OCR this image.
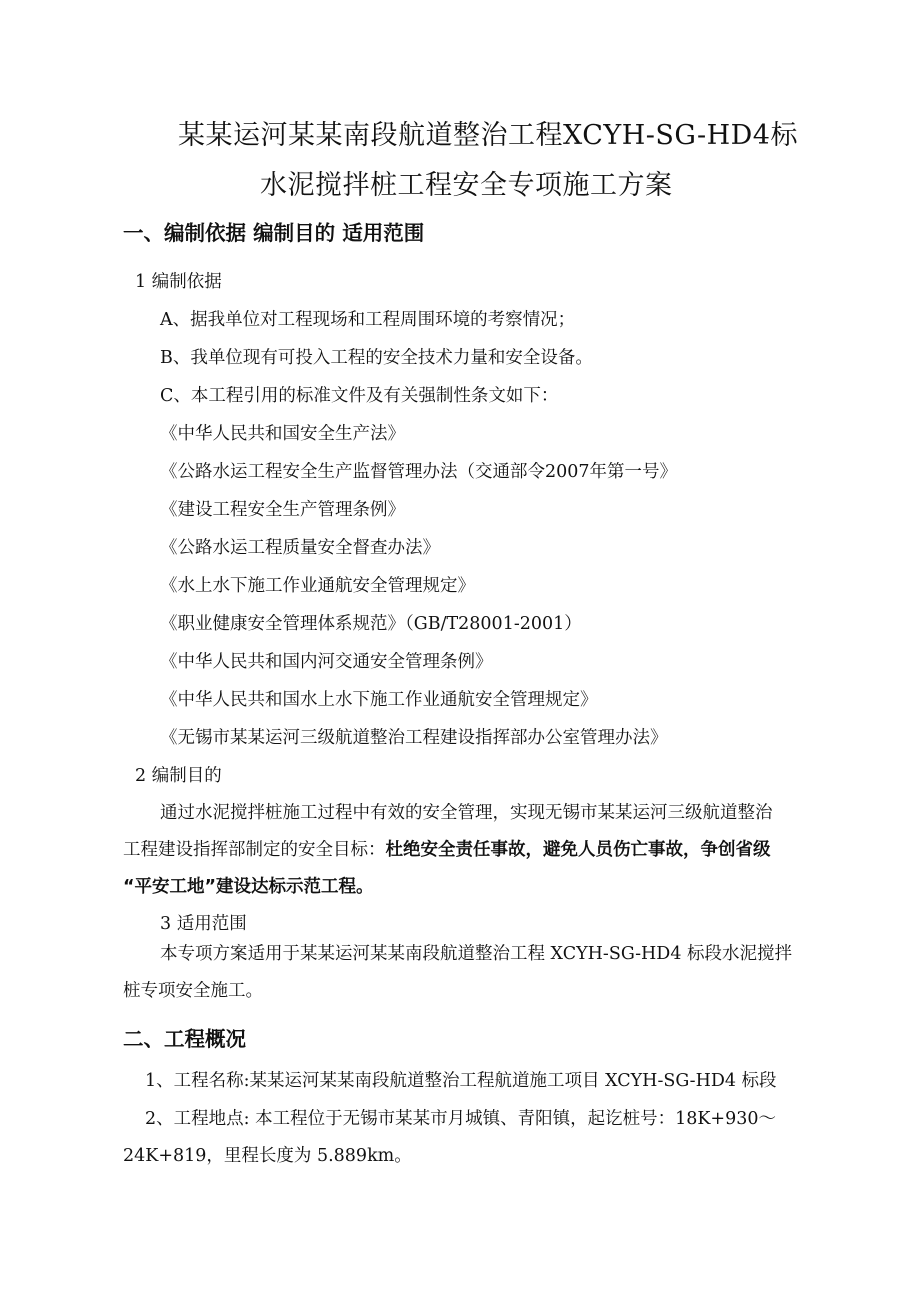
某某运河某某南段航道整治工程XCYH-SG-HD4标
水泥搅拌桩工程安全专项施工方案
一、编制依据 编制目的 适用范围
1 编制依据
A、据我单位对工程现场和工程周围环境的考察情况；
B、我单位现有可投入工程的安全技术力量和安全设备。
C、本工程引用的标准文件及有关强制性条文如下：
《中华人民共和国安全生产法》
《公路水运工程安全生产监督管理办法（交通部令2007年第一号》
《建设工程安全生产管理条例》
《公路水运工程质量安全督查办法》
《水上水下施工作业通航安全管理规定》
《职业健康安全管理体系规范》（GB/T28001-2001）
《中华人民共和国内河交通安全管理条例》
《中华人民共和国水上水下施工作业通航安全管理规定》
《无锡市某某运河三级航道整治工程建设指挥部办公室管理办法》
2 编制目的
通过水泥搅拌桩施工过程中有效的安全管理，实现无锡市某某运河三级航道整治
工程建设指挥部制定的安全目标：杜绝安全责任事故，避免人员伤亡事故，争创省级
“平安工地”建设达标示范工程。
3 适用范围
本专项方案适用于某某运河某某南段航道整治工程 XCYH-SG-HD4 标段水泥搅拌
桩专项安全施工。
二、工程概况
1、工程名称:某某运河某某南段航道整治工程航道施工项目 XCYH-SG-HD4 标段
2、工程地点: 本工程位于无锡市某某市月城镇、青阳镇，起讫桩号：18K+930～
24K+819，里程长度为 5.889km。
